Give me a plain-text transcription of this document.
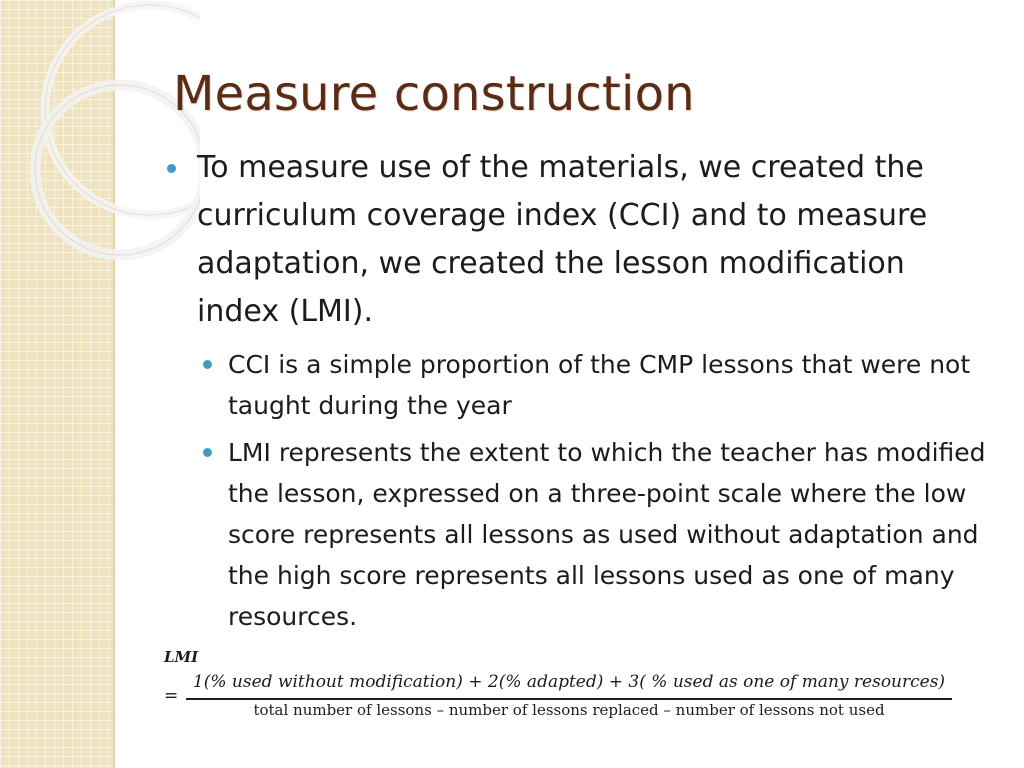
Measure construction
To measure use of the materials, we created the curriculum coverage index (CCI) and to measure adaptation, we created the lesson modification index (LMI).
CCI is a simple proportion of the CMP lessons that were not taught during the year
LMI represents the extent to which the teacher has modified the lesson, expressed on a three-point scale where the low score represents all lessons as used without adaptation and the high score represents all lessons used as one of many resources.
LMI
=
1(% used without modification) + 2(% adapted) + 3( % used as one of many resources)
total number of lessons – number of lessons replaced – number of lessons not used
